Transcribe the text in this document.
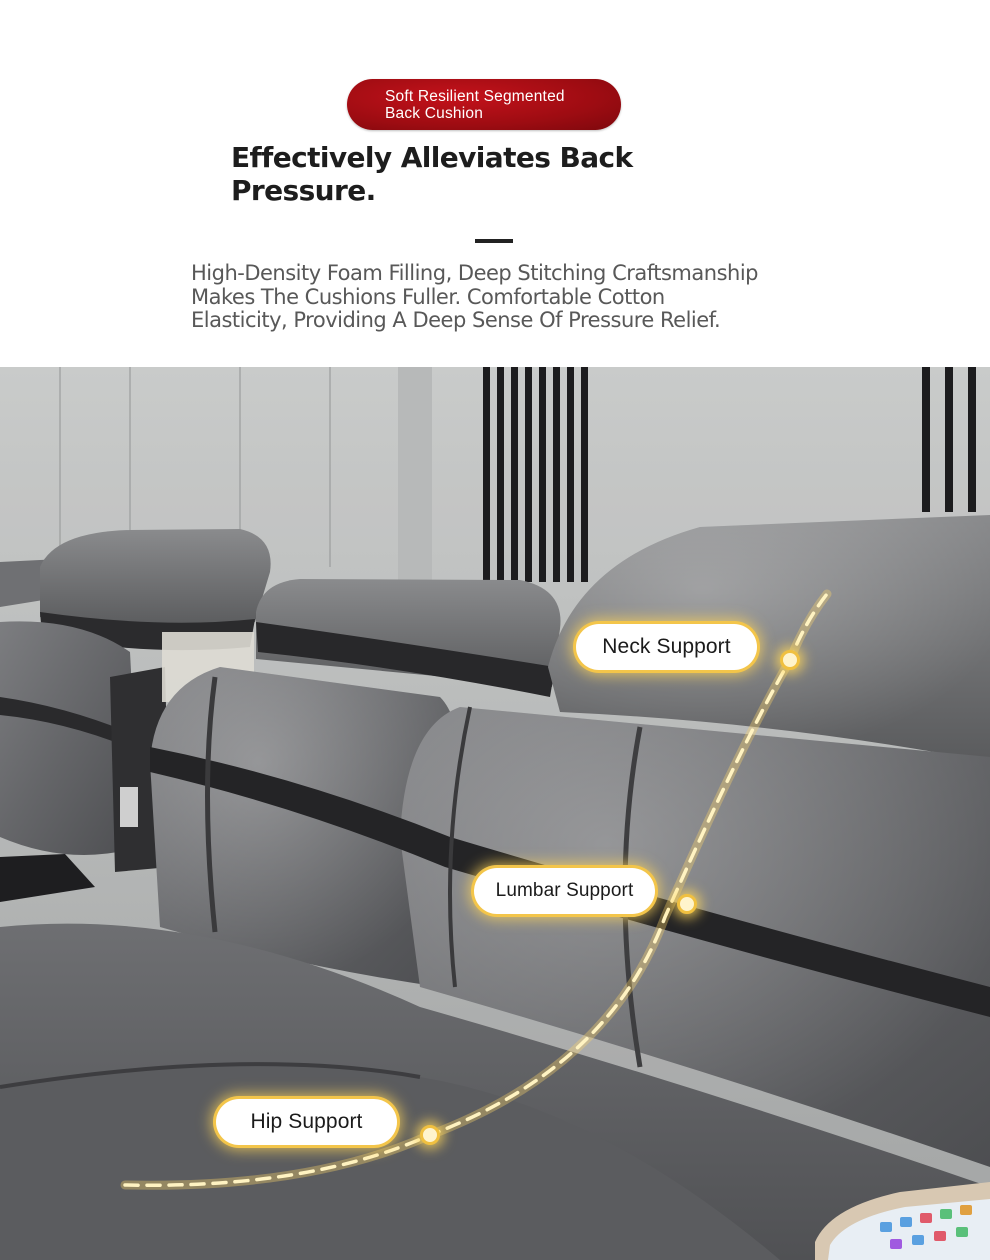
Soft Resilient Segmented
Back Cushion
Effectively Alleviates Back
Pressure.

High-Density Foam Filling, Deep Stitching Craftsmanship
Makes The Cushions Fuller. Comfortable Cotton
Elasticity, Providing A Deep Sense Of Pressure Relief.

Neck Support
Lumbar Support
Hip Support
